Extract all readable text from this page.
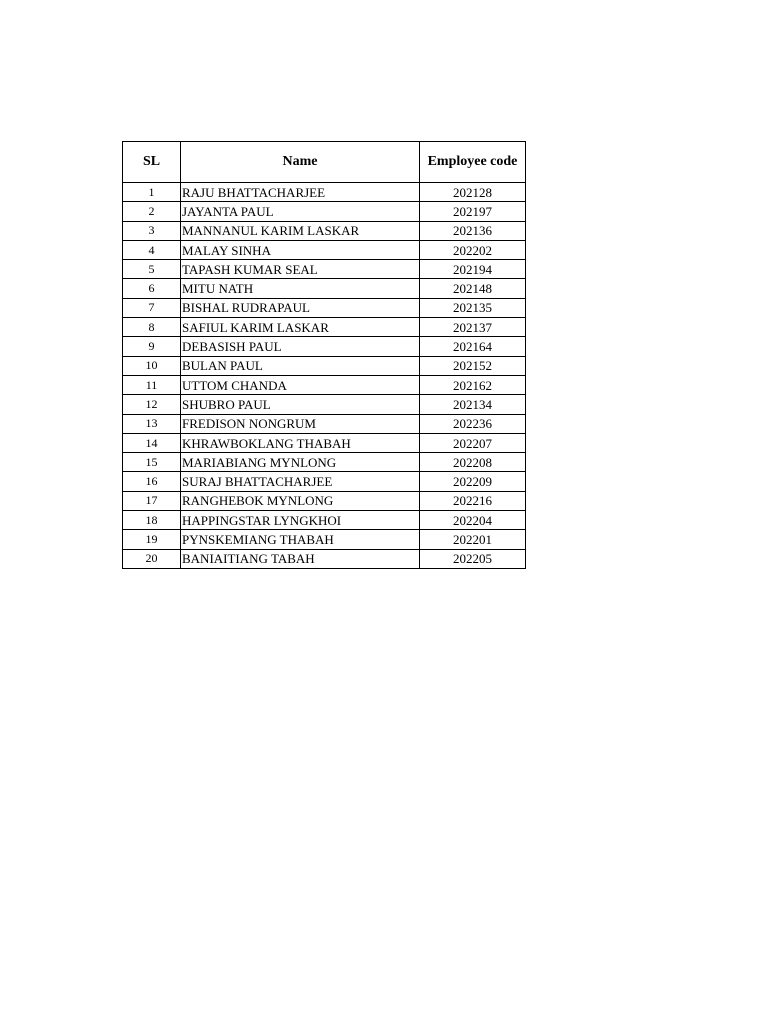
SL	Name	Employee code
1	RAJU BHATTACHARJEE	202128
2	JAYANTA PAUL	202197
3	MANNANUL KARIM LASKAR	202136
4	MALAY SINHA	202202
5	TAPASH KUMAR SEAL	202194
6	MITU NATH	202148
7	BISHAL RUDRAPAUL	202135
8	SAFIUL KARIM LASKAR	202137
9	DEBASISH PAUL	202164
10	BULAN PAUL	202152
11	UTTOM CHANDA	202162
12	SHUBRO PAUL	202134
13	FREDISON NONGRUM	202236
14	KHRAWBOKLANG THABAH	202207
15	MARIABIANG MYNLONG	202208
16	SURAJ BHATTACHARJEE	202209
17	RANGHEBOK MYNLONG	202216
18	HAPPINGSTAR LYNGKHOI	202204
19	PYNSKEMIANG THABAH	202201
20	BANIAITIANG TABAH	202205
